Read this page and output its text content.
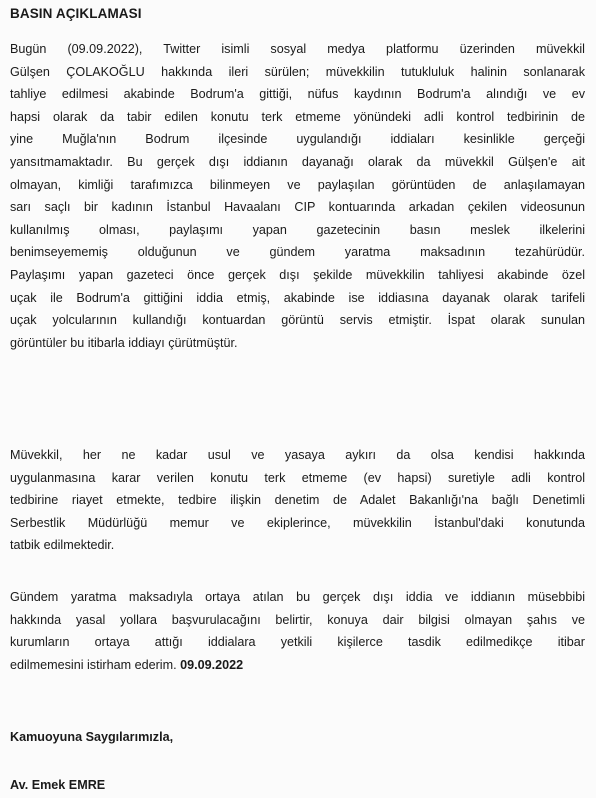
BASIN AÇIKLAMASI
Bugün (09.09.2022), Twitter isimli sosyal medya platformu üzerinden müvekkil
Gülşen ÇOLAKOĞLU hakkında ileri sürülen; müvekkilin tutukluluk halinin sonlanarak
tahliye edilmesi akabinde Bodrum'a gittiği, nüfus kaydının Bodrum'a alındığı ve ev
hapsi olarak da tabir edilen konutu terk etmeme yönündeki adli kontrol tedbirinin de
yine Muğla'nın Bodrum ilçesinde uygulandığı iddiaları kesinlikle gerçeği
yansıtmamaktadır. Bu gerçek dışı iddianın dayanağı olarak da müvekkil Gülşen'e ait
olmayan, kimliği tarafımızca bilinmeyen ve paylaşılan görüntüden de anlaşılamayan
sarı saçlı bir kadının İstanbul Havaalanı CIP kontuarında arkadan çekilen videosunun
kullanılmış olması, paylaşımı yapan gazetecinin basın meslek ilkelerini
benimseyememiş olduğunun ve gündem yaratma maksadının tezahürüdür.
Paylaşımı yapan gazeteci önce gerçek dışı şekilde müvekkilin tahliyesi akabinde özel
uçak ile Bodrum'a gittiğini iddia etmiş, akabinde ise iddiasına dayanak olarak tarifeli
uçak yolcularının kullandığı kontuardan görüntü servis etmiştir. İspat olarak sunulan
görüntüler bu itibarla iddiayı çürütmüştür.
Müvekkil, her ne kadar usul ve yasaya aykırı da olsa kendisi hakkında
uygulanmasına karar verilen konutu terk etmeme (ev hapsi) suretiyle adli kontrol
tedbirine riayet etmekte, tedbire ilişkin denetim de Adalet Bakanlığı'na bağlı Denetimli
Serbestlik Müdürlüğü memur ve ekiplerince, müvekkilin İstanbul'daki konutunda
tatbik edilmektedir.
Gündem yaratma maksadıyla ortaya atılan bu gerçek dışı iddia ve iddianın müsebbibi
hakkında yasal yollara başvurulacağını belirtir, konuya dair bilgisi olmayan şahıs ve
kurumların ortaya attığı iddialara yetkili kişilerce tasdik edilmedikçe itibar
edilmemesini istirham ederim. 09.09.2022
Kamuoyuna Saygılarımızla,
Av. Emek EMRE
